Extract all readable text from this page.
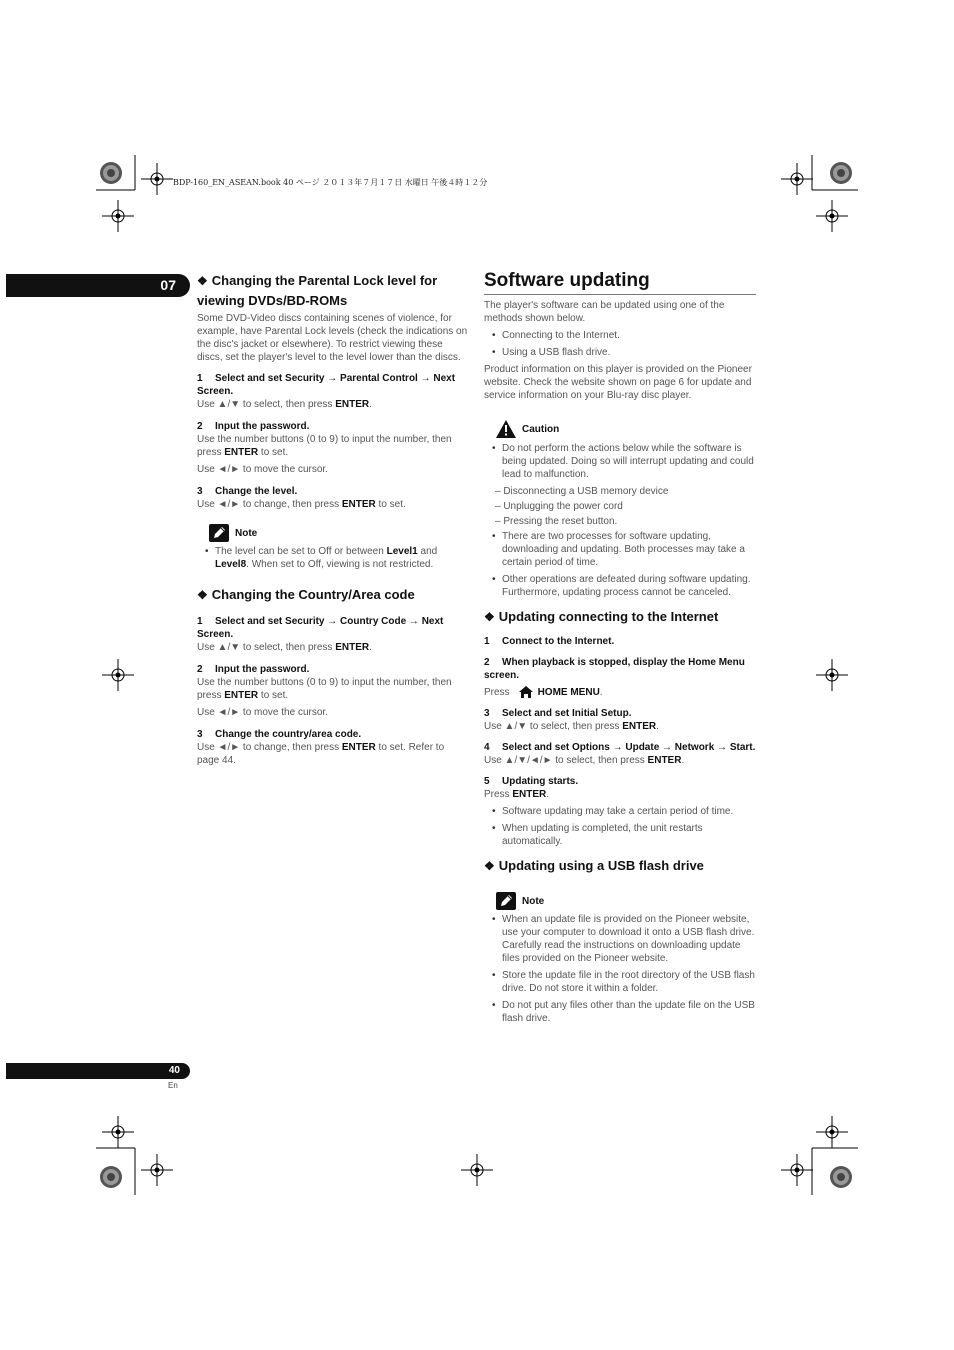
BDP-160_EN_ASEAN.book 40 ページ ２０１３年７月１７日 水曜日 午後４時１２分
07
40
En
❖ Changing the Parental Lock level for viewing DVDs/BD-ROMs

Some DVD-Video discs containing scenes of violence, for example, have Parental Lock levels (check the indications on the disc's jacket or elsewhere). To restrict viewing these discs, set the player's level to the level lower than the discs.

1 Select and set Security → Parental Control → Next Screen.

Use ▲/▼ to select, then press ENTER.

2 Input the password.

Use the number buttons (0 to 9) to input the number, then press ENTER to set.

Use ◄/► to move the cursor.

3 Change the level.

Use ◄/► to change, then press ENTER to set.

Note
• The level can be set to Off or between Level1 and Level8. When set to Off, viewing is not restricted.
❖ Changing the Country/Area code

1 Select and set Security → Country Code → Next Screen.

Use ▲/▼ to select, then press ENTER.

2 Input the password.

Use the number buttons (0 to 9) to input the number, then press ENTER to set.

Use ◄/► to move the cursor.

3 Change the country/area code.

Use ◄/► to change, then press ENTER to set. Refer to page 44.

Software updating

The player's software can be updated using one of the methods shown below.

• Connecting to the Internet.
• Using a USB flash drive.

Product information on this player is provided on the Pioneer website. Check the website shown on page 6 for update and service information on your Blu-ray disc player.

Caution
• Do not perform the actions below while the software is being updated. Doing so will interrupt updating and could lead to malfunction.

– Disconnecting a USB memory device

– Unplugging the power cord

– Pressing the reset button.

• There are two processes for software updating, downloading and updating. Both processes may take a certain period of time.
• Other operations are defeated during software updating. Furthermore, updating process cannot be canceled.
❖ Updating connecting to the Internet

1 Connect to the Internet.

2 When playback is stopped, display the Home Menu screen.

Press	HOME MENU .

3 Select and set Initial Setup.

Use ▲/▼ to select, then press ENTER.

4 Select and set Options → Update → Network → Start.

Use ▲/▼/◄/► to select, then press ENTER.

5 Updating starts.

Press ENTER.

• Software updating may take a certain period of time.
• When updating is completed, the unit restarts automatically.
❖ Updating using a USB flash drive
Note
• When an update file is provided on the Pioneer website, use your computer to download it onto a USB flash drive. Carefully read the instructions on downloading update files provided on the Pioneer website.
• Store the update file in the root directory of the USB flash drive. Do not store it within a folder.
• Do not put any files other than the update file on the USB flash drive.
